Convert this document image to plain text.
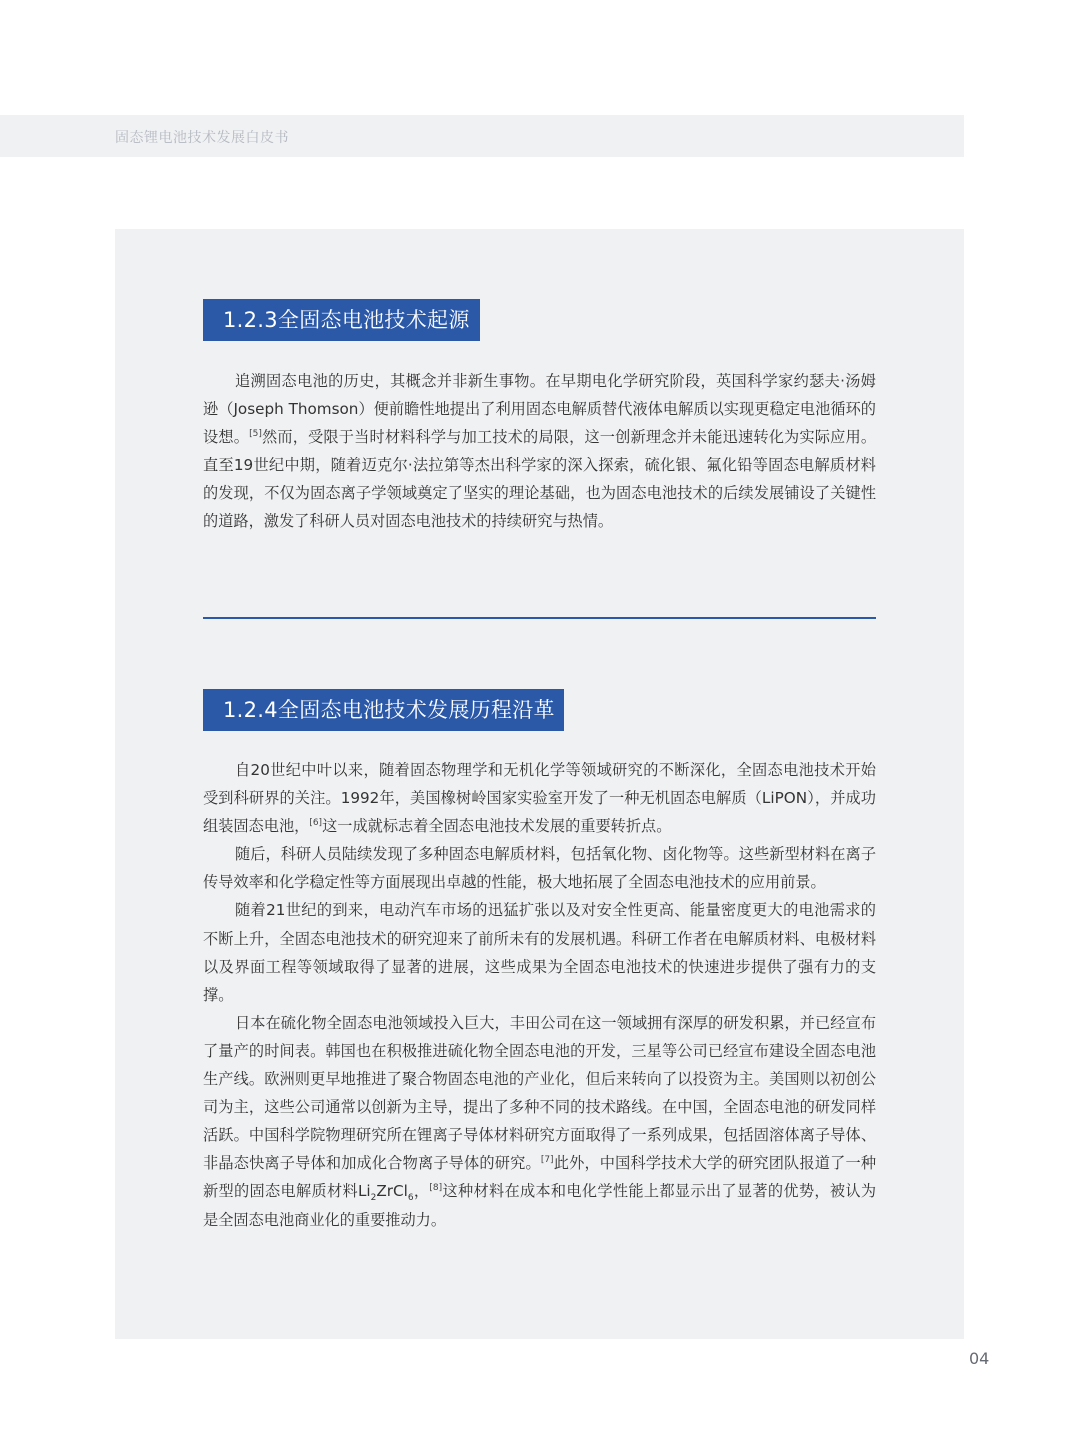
固态锂电池技术发展白皮书
1.2.3全固态电池技术起源

追溯固态电池的历史，其概念并非新生事物。在早期电化学研究阶段，英国科学家约瑟夫·汤姆逊（Joseph Thomson）便前瞻性地提出了利用固态电解质替代液体电解质以实现更稳定电池循环的设想。[5]然而，受限于当时材料科学与加工技术的局限，这一创新理念并未能迅速转化为实际应用。直至19世纪中期，随着迈克尔·法拉第等杰出科学家的深入探索，硫化银、氟化铅等固态电解质材料的发现，不仅为固态离子学领域奠定了坚实的理论基础，也为固态电池技术的后续发展铺设了关键性的道路，激发了科研人员对固态电池技术的持续研究与热情。

1.2.4全固态电池技术发展历程沿革

自20世纪中叶以来，随着固态物理学和无机化学等领域研究的不断深化，全固态电池技术开始受到科研界的关注。1992年，美国橡树岭国家实验室开发了一种无机固态电解质（LiPON），并成功组装固态电池，[6]这一成就标志着全固态电池技术发展的重要转折点。

随后，科研人员陆续发现了多种固态电解质材料，包括氧化物、卤化物等。这些新型材料在离子传导效率和化学稳定性等方面展现出卓越的性能，极大地拓展了全固态电池技术的应用前景。

随着21世纪的到来，电动汽车市场的迅猛扩张以及对安全性更高、能量密度更大的电池需求的不断上升，全固态电池技术的研究迎来了前所未有的发展机遇。科研工作者在电解质材料、电极材料以及界面工程等领域取得了显著的进展，这些成果为全固态电池技术的快速进步提供了强有力的支撑。

日本在硫化物全固态电池领域投入巨大，丰田公司在这一领域拥有深厚的研发积累，并已经宣布了量产的时间表。韩国也在积极推进硫化物全固态电池的开发，三星等公司已经宣布建设全固态电池生产线。欧洲则更早地推进了聚合物固态电池的产业化，但后来转向了以投资为主。美国则以初创公司为主，这些公司通常以创新为主导，提出了多种不同的技术路线。在中国，全固态电池的研发同样活跃。中国科学院物理研究所在锂离子导体材料研究方面取得了一系列成果，包括固溶体离子导体、非晶态快离子导体和加成化合物离子导体的研究。[7]此外，中国科学技术大学的研究团队报道了一种新型的固态电解质材料$Li_2ZrCl_6$，[8]这种材料在成本和电化学性能上都显示出了显著的优势，被认为是全固态电池商业化的重要推动力。

04
